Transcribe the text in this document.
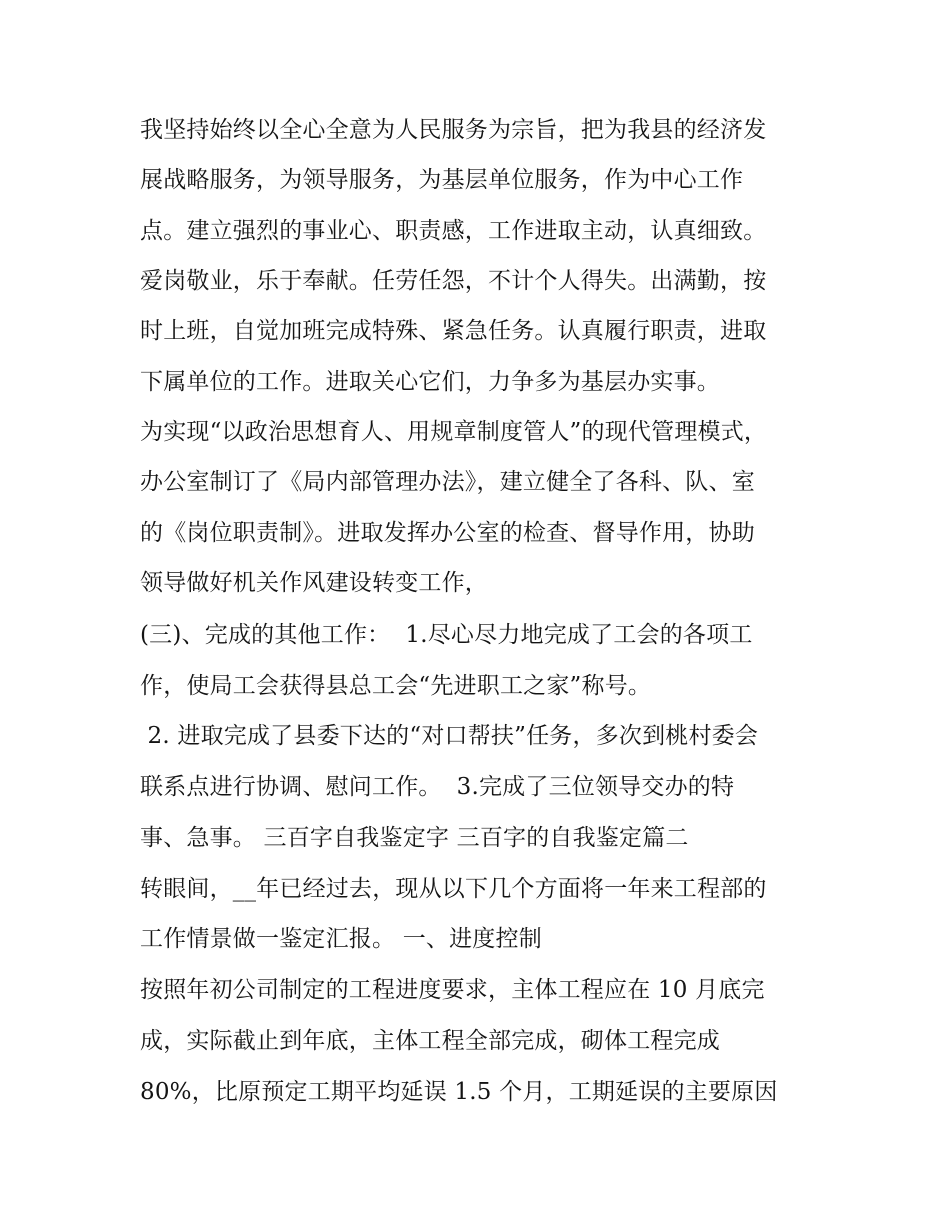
我坚持始终以全心全意为人民服务为宗旨，把为我县的经济发
展战略服务，为领导服务，为基层单位服务，作为中心工作
点。建立强烈的事业心、职责感，工作进取主动，认真细致。
爱岗敬业，乐于奉献。任劳任怨，不计个人得失。出满勤，按
时上班，自觉加班完成特殊、紧急任务。认真履行职责，进取
下属单位的工作。进取关心它们，力争多为基层办实事。
为实现“以政治思想育人、用规章制度管人”的现代管理模式，
办公室制订了《局内部管理办法》，建立健全了各科、队、室
的《岗位职责制》。进取发挥办公室的检查、督导作用，协助
领导做好机关作风建设转变工作，
(三)、完成的其他工作：  1.尽心尽力地完成了工会的各项工
作，使局工会获得县总工会“先进职工之家”称号。
2. 进取完成了县委下达的“对口帮扶”任务，多次到桃村委会
联系点进行协调、慰问工作。  3.完成了三位领导交办的特
事、急事。 三百字自我鉴定字 三百字的自我鉴定篇二
转眼间，__年已经过去，现从以下几个方面将一年来工程部的
工作情景做一鉴定汇报。 一、进度控制
按照年初公司制定的工程进度要求，主体工程应在 10 月底完
成，实际截止到年底，主体工程全部完成，砌体工程完成
80%，比原预定工期平均延误 1.5 个月，工期延误的主要原因
